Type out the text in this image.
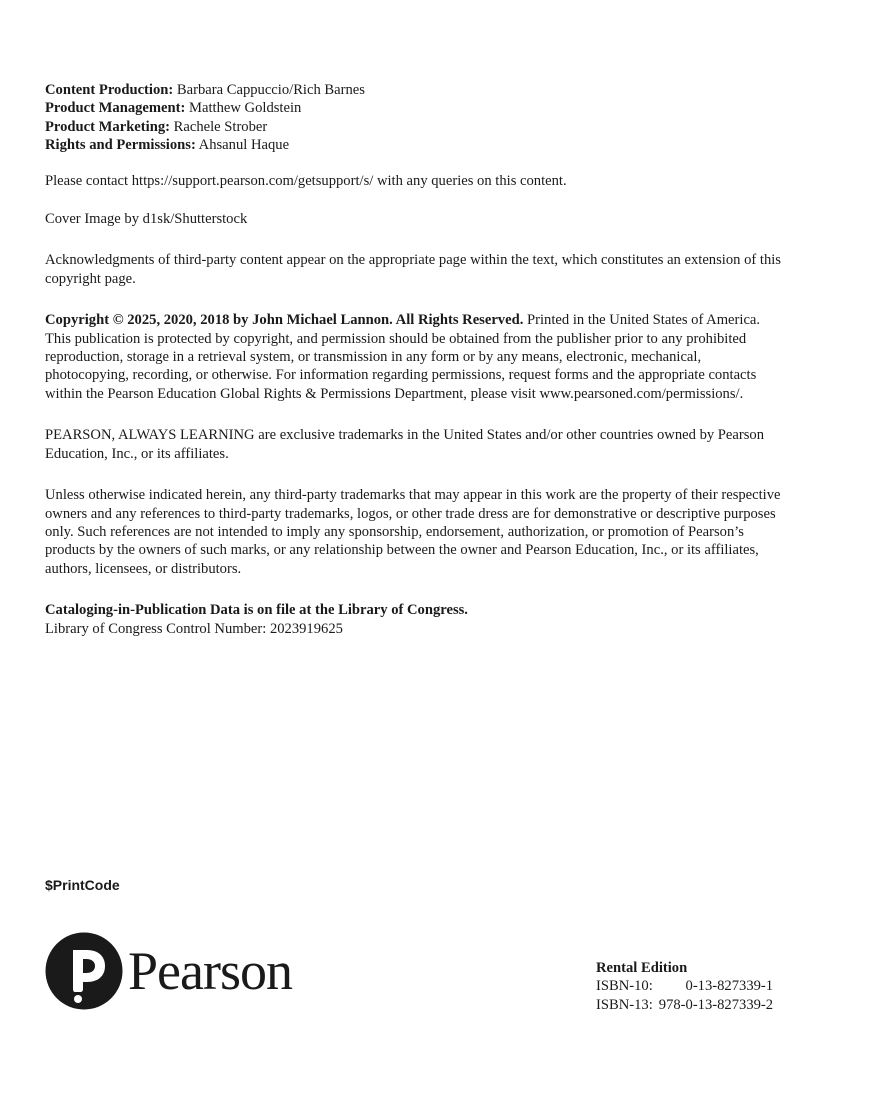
Content Production: Barbara Cappuccio/Rich Barnes
Product Management: Matthew Goldstein
Product Marketing: Rachele Strober
Rights and Permissions: Ahsanul Haque

Please contact https://support.pearson.com/getsupport/s/ with any queries on this content.

Cover Image by d1sk/Shutterstock

Acknowledgments of third-party content appear on the appropriate page within the text, which constitutes an extension of this copyright page.

Copyright © 2025, 2020, 2018 by John Michael Lannon. All Rights Reserved. Printed in the United States of America. This publication is protected by copyright, and permission should be obtained from the publisher prior to any prohibited reproduction, storage in a retrieval system, or transmission in any form or by any means, electronic, mechanical, photocopying, recording, or otherwise. For information regarding permissions, request forms and the appropriate contacts within the Pearson Education Global Rights & Permissions Department, please visit www.pearsoned.com/permissions/.

PEARSON, ALWAYS LEARNING are exclusive trademarks in the United States and/or other countries owned by Pearson Education, Inc., or its affiliates.

Unless otherwise indicated herein, any third-party trademarks that may appear in this work are the property of their respective owners and any references to third-party trademarks, logos, or other trade dress are for demonstrative or descriptive purposes only. Such references are not intended to imply any sponsorship, endorsement, authorization, or promotion of Pearson’s products by the owners of such marks, or any relationship between the owner and Pearson Education, Inc., or its affiliates, authors, licensees, or distributors.

Cataloging-in-Publication Data is on file at the Library of Congress.
Library of Congress Control Number: 2023919625
$PrintCode
Pearson	Rental Edition
ISBN-10:	0-13-827339-1
ISBN-13:	978-0-13-827339-2
